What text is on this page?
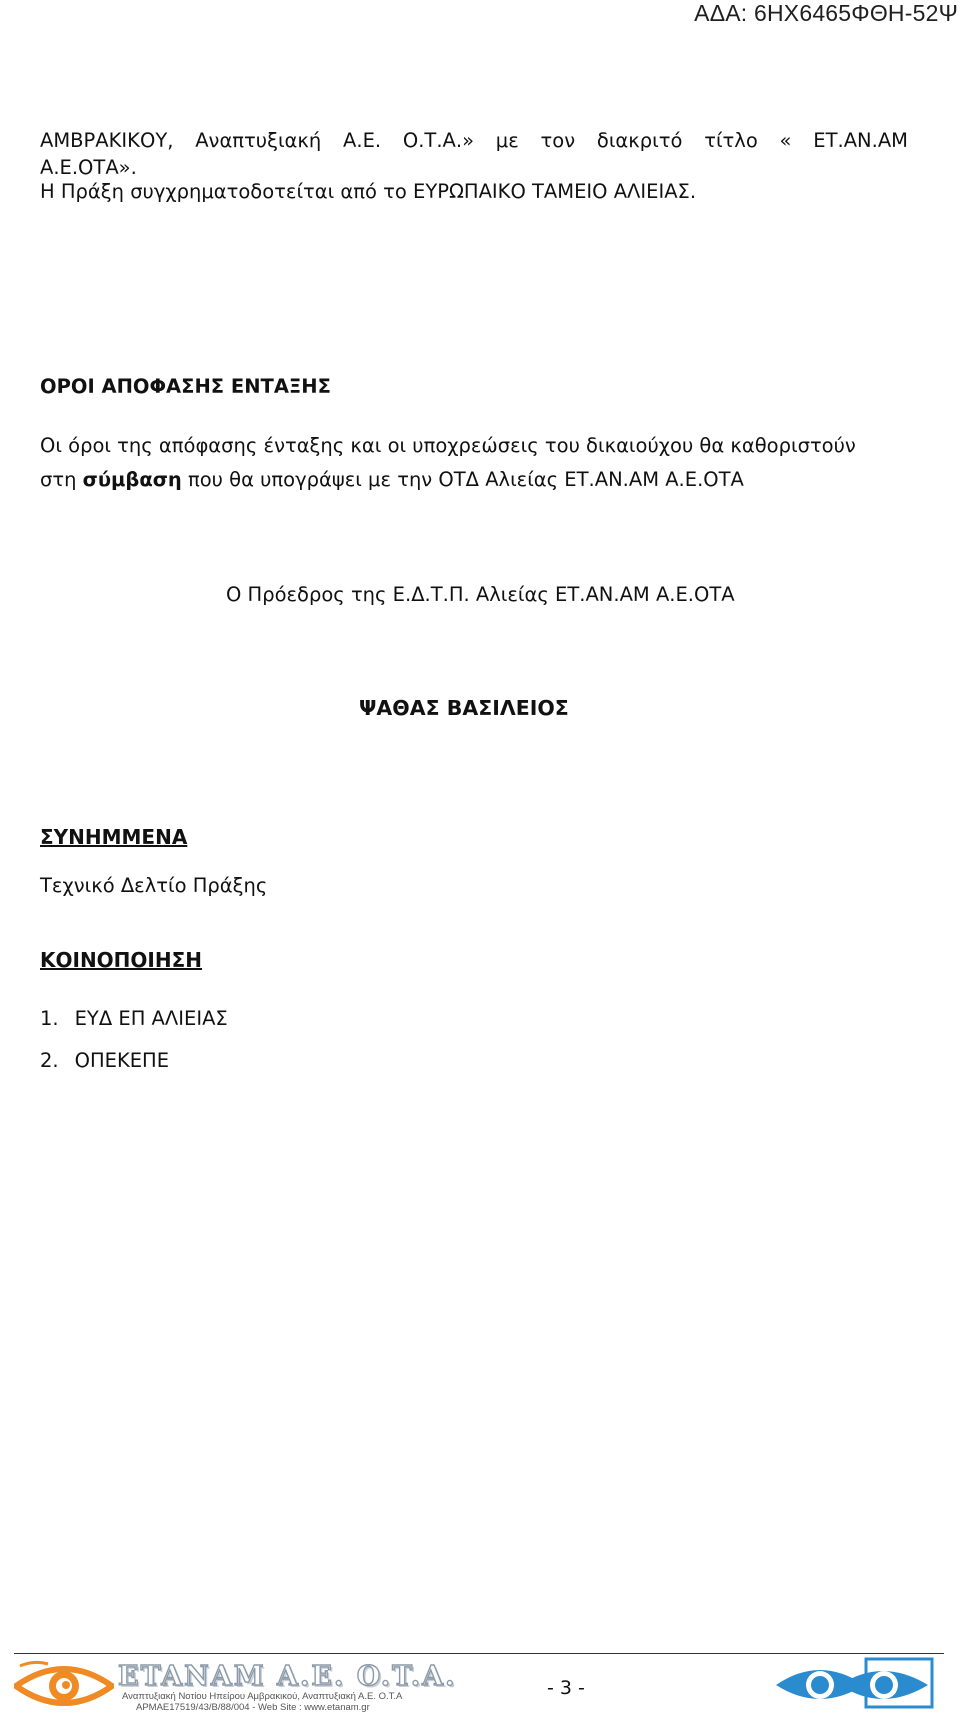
ΑΔΑ: 6ΗΧ6465ΦΘΗ-52Ψ
ΑΜΒΡΑΚΙΚΟΥ, Αναπτυξιακή Α.Ε. Ο.Τ.Α.» με τον διακριτό τίτλο « ΕΤ.ΑΝ.ΑΜ
Α.Ε.ΟΤΑ».
Η Πράξη συγχρηματοδοτείται από το ΕΥΡΩΠΑΙΚΟ ΤΑΜΕΙΟ ΑΛΙΕΙΑΣ.
ΟΡΟΙ ΑΠΟΦΑΣΗΣ ΕΝΤΑΞΗΣ
Οι όροι της απόφασης ένταξης και οι υποχρεώσεις του δικαιούχου θα καθοριστούν
στη σύμβαση που θα υπογράψει με την ΟΤΔ Αλιείας ΕΤ.ΑΝ.ΑΜ Α.Ε.ΟΤΑ
Ο Πρόεδρος της Ε.Δ.Τ.Π. Αλιείας ΕΤ.ΑΝ.ΑΜ Α.Ε.ΟΤΑ
ΨΑΘΑΣ ΒΑΣΙΛΕΙΟΣ
ΣΥΝΗΜΜΕΝΑ
Τεχνικό Δελτίο Πράξης
ΚΟΙΝΟΠΟΙΗΣΗ
1. ΕΥΔ ΕΠ ΑΛΙΕΙΑΣ
2. ΟΠΕΚΕΠΕ
ETANAM A.E. O.T.A.
Αναπτυξιακή Νοτίου Ηπείρου Αμβρακικού, Αναπτυξιακή Α.Ε. Ο.Τ.Α
ΑΡΜΑΕ17519/43/Β/88/004 - Web Site : www.etanam.gr
- 3 -
